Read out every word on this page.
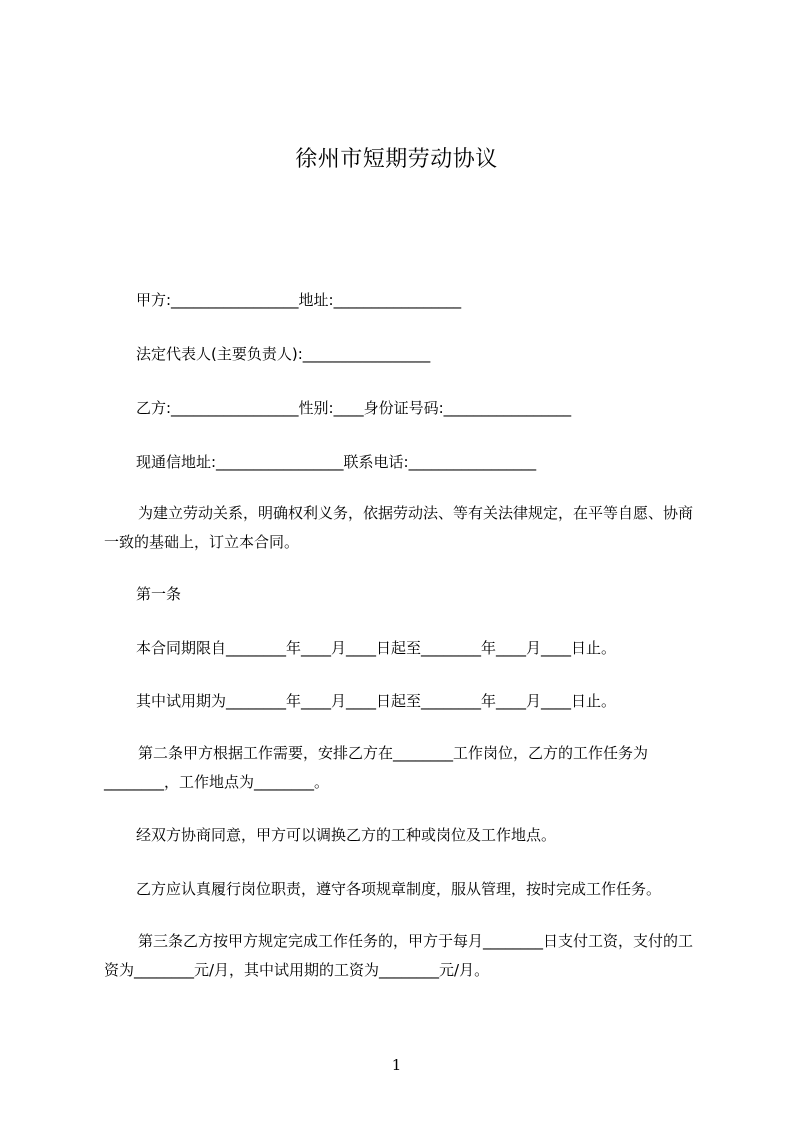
徐州市短期劳动协议
甲方:_________________地址:_________________
法定代表人(主要负责人):_________________
乙方:_________________性别:____身份证号码:_________________
现通信地址:_________________联系电话:_________________
为建立劳动关系，明确权利义务，依据劳动法、等有关法律规定，在平等自愿、协商一致的基础上，订立本合同。
第一条
本合同期限自________年____月____日起至________年____月____日止。
其中试用期为________年____月____日起至________年____月____日止。
第二条甲方根据工作需要，安排乙方在________工作岗位，乙方的工作任务为________，工作地点为________。
经双方协商同意，甲方可以调换乙方的工种或岗位及工作地点。
乙方应认真履行岗位职责，遵守各项规章制度，服从管理，按时完成工作任务。
第三条乙方按甲方规定完成工作任务的，甲方于每月________日支付工资，支付的工资为________元/月，其中试用期的工资为________元/月。
1
